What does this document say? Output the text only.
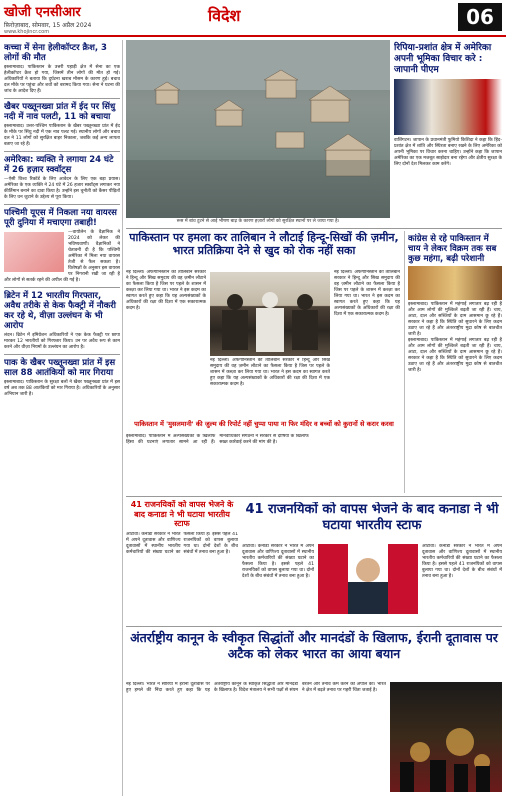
खोजी एनसीआर
फ़िरोज़ाबाद, सोमवार, 15 अप्रैल 2024
www.khojincr.com
विदेश	06
कच्चा में सेना हेलीकॉप्टर क्रैश, 3 लोगों की मौत

इस्लामाबाद। पाकिस्तान के उत्तरी पहाड़ी क्षेत्र में सेना का एक हेलीकॉप्टर क्रैश हो गया, जिसमें तीन लोगों की मौत हो गई। अधिकारियों ने बताया कि दुर्घटना खराब मौसम के कारण हुई। बचाव दल मौके पर पहुंचा और शवों को बरामद किया गया। सेना ने घटना की जांच के आदेश दिए हैं।

खैबर पख्तूनख्वा प्रांत में ईद पर सिंधु नदी में नाव पलटी, 11 को बचाया

इस्लामाबाद। उत्तर-पश्चिम पाकिस्तान के खैबर पख्तूनख्वा प्रांत में ईद के मौके पर सिंधु नदी में एक नाव पलट गई। स्थानीय लोगों और बचाव दल ने 11 लोगों को सुरक्षित बाहर निकाला, जबकि कई अन्य लापता बताए जा रहे हैं।

अमेरिका: व्यक्ति ने लगाया 24 घंटे में 26 हज़ार स्क्वॉट्स

—ऐसी विश्व रिकॉर्ड के लिए आवेदन के लिए एक बड़ा प्रयास। अमेरिका के एक व्यक्ति ने 24 घंटे में 26 हजार स्क्वॉट्स लगाकर नया कीर्तिमान बनाने का दावा किया है। उन्होंने इस चुनौती को कैंसर पीड़ितों के लिए धन जुटाने के उद्देश्य से पूरा किया।

पश्चिमी यूएस में निकला नया वायरस पूरी दुनिया में मचाएगा तबाही!

—वायोलेन के वैज्ञानिक ने 2024 को लेकर की भविष्यवाणी। वैज्ञानिकों ने चेतावनी दी है कि पश्चिमी अमेरिका में मिला नया वायरस तेजी से फैल सकता है। विशेषज्ञों के अनुसार इस वायरस पर निगरानी रखी जा रही है और लोगों से सतर्क रहने की अपील की गई है।

ब्रिटेन में 12 भारतीय गिरफ्तार, अवैध तरीके से केक फैक्ट्री में नौकरी कर रहे थे, वीज़ा उल्लंघन के भी आरोप

लंदन। ब्रिटेन में इमिग्रेशन अधिकारियों ने एक केक फैक्ट्री पर छापा मारकर 12 भारतीयों को गिरफ्तार किया। उन पर अवैध रूप से काम करने और वीज़ा नियमों के उल्लंघन का आरोप है।

पाक के खैबर पख्तूनख्वा प्रांत में इस साल 88 आतंकियों को मार गिराया

इस्लामाबाद। पाकिस्तान के सुरक्षा बलों ने खैबर पख्तूनख्वा प्रांत में इस वर्ष अब तक 88 आतंकियों को मार गिराया है। अधिकारियों के अनुसार अभियान जारी है।

रूस में बांध टूटने से आई भीषण बाढ़ के कारण हज़ारों लोगों को सुरक्षित स्थानों पर ले जाया गया है।
रिपिया-प्रशांत क्षेत्र में अमेरिका अपनी भूमिका विचार करे : जापानी पीएम

वाशिंगटन। जापान के प्रधानमंत्री फुमियो किशिदा ने कहा कि हिंद-प्रशांत क्षेत्र में शांति और स्थिरता बनाए रखने के लिए अमेरिका को अपनी भूमिका पर विचार करना चाहिए। उन्होंने कहा कि जापान अमेरिका का एक मजबूत साझेदार बना रहेगा और क्षेत्रीय सुरक्षा के लिए दोनों देश मिलकर काम करेंगे।

पाकिस्तान पर हमला कर तालिबान ने लौटाई हिन्दू-सिखों की ज़मीन, भारत प्रतिक्रिया देने से खुद को रोक नहीं सका

नई दिल्ली। अफगानिस्तान की तालिबान सरकार ने हिन्दू और सिख समुदाय की वह ज़मीन लौटाने का फैसला किया है जिस पर पहले के शासन में कब्ज़ा कर लिया गया था। भारत ने इस कदम का स्वागत करते हुए कहा कि यह अल्पसंख्यकों के अधिकारों की रक्षा की दिशा में एक सकारात्मक कदम है।

नई दिल्ली। अफगानिस्तान की तालिबान सरकार ने हिन्दू और सिख समुदाय की वह ज़मीन लौटाने का फैसला किया है जिस पर पहले के शासन में कब्ज़ा कर लिया गया था। भारत ने इस कदम का स्वागत करते हुए कहा कि यह अल्पसंख्यकों के अधिकारों की रक्षा की दिशा में एक सकारात्मक कदम है।

नई दिल्ली। अफगानिस्तान की तालिबान सरकार ने हिन्दू और सिख समुदाय की वह ज़मीन लौटाने का फैसला किया है जिस पर पहले के शासन में कब्ज़ा कर लिया गया था। भारत ने इस कदम का स्वागत करते हुए कहा कि यह अल्पसंख्यकों के अधिकारों की रक्षा की दिशा में एक सकारात्मक कदम है।

पाकिस्तान में 'मुसलमानी' की जुल्म की रिपोर्ट नहीं चुप्पा पाया ना फिर मंदिर व बच्चों को कुरानों से करार करवा

इस्लामाबाद। पाकिस्तान में अल्पसंख्यकों के खिलाफ हिंसा की घटनाएं लगातार सामने आ रही हैं। मानवाधिकार संगठनों ने सरकार से दोषियों के खिलाफ सख्त कार्रवाई करने की मांग की है।

कांग्रेस से रहे पाकिस्तान में चाय ने लेकर विक्रम तक सब कुछ महंगा, बढ़ी परेशानी

इस्लामाबाद। पाकिस्तान में महंगाई लगातार बढ़ रही है और आम लोगों की मुश्किलें बढ़ती जा रही हैं। चाय, आटा, दाल और सब्जियों के दाम आसमान छू रहे हैं। सरकार ने कहा है कि स्थिति को सुधारने के लिए कदम उठाए जा रहे हैं और अंतरराष्ट्रीय मुद्रा कोष से बातचीत जारी है।

इस्लामाबाद। पाकिस्तान में महंगाई लगातार बढ़ रही है और आम लोगों की मुश्किलें बढ़ती जा रही हैं। चाय, आटा, दाल और सब्जियों के दाम आसमान छू रहे हैं। सरकार ने कहा है कि स्थिति को सुधारने के लिए कदम उठाए जा रहे हैं और अंतरराष्ट्रीय मुद्रा कोष से बातचीत जारी है।

41 राजनयिकों को वापस भेजने के बाद कनाडा ने भी घटाया भारतीय स्टाफ

ओटावा। कनाडा सरकार ने भारत में अपने दूतावास और वाणिज्य दूतावासों में स्थानीय भारतीय कर्मचारियों की संख्या घटाने का फैसला किया है। इससे पहले 41 राजनयिकों को वापस बुलाया गया था। दोनों देशों के बीच संबंधों में तनाव बना हुआ है।

41 राजनयिकों को वापस भेजने के बाद कनाडा ने भी घटाया भारतीय स्टाफ

ओटावा। कनाडा सरकार ने भारत में अपने दूतावास और वाणिज्य दूतावासों में स्थानीय भारतीय कर्मचारियों की संख्या घटाने का फैसला किया है। इससे पहले 41 राजनयिकों को वापस बुलाया गया था। दोनों देशों के बीच संबंधों में तनाव बना हुआ है।

ओटावा। कनाडा सरकार ने भारत में अपने दूतावास और वाणिज्य दूतावासों में स्थानीय भारतीय कर्मचारियों की संख्या घटाने का फैसला किया है। इससे पहले 41 राजनयिकों को वापस बुलाया गया था। दोनों देशों के बीच संबंधों में तनाव बना हुआ है।

अंतर्राष्ट्रीय कानून के स्वीकृत सिद्धांतों और मानदंडों के खिलाफ, ईरानी दूतावास पर अटैक को लेकर भारत का आया बयान

नई दिल्ली। भारत ने सीरिया में ईरानी दूतावास पर हुए हमले की निंदा करते हुए कहा कि यह अंतर्राष्ट्रीय कानून के स्वीकृत सिद्धांतों और मानदंडों के खिलाफ है। विदेश मंत्रालय ने सभी पक्षों से संयम बरतने और तनाव कम करने की अपील की। भारत ने क्षेत्र में बढ़ते तनाव पर गहरी चिंता जताई है।
